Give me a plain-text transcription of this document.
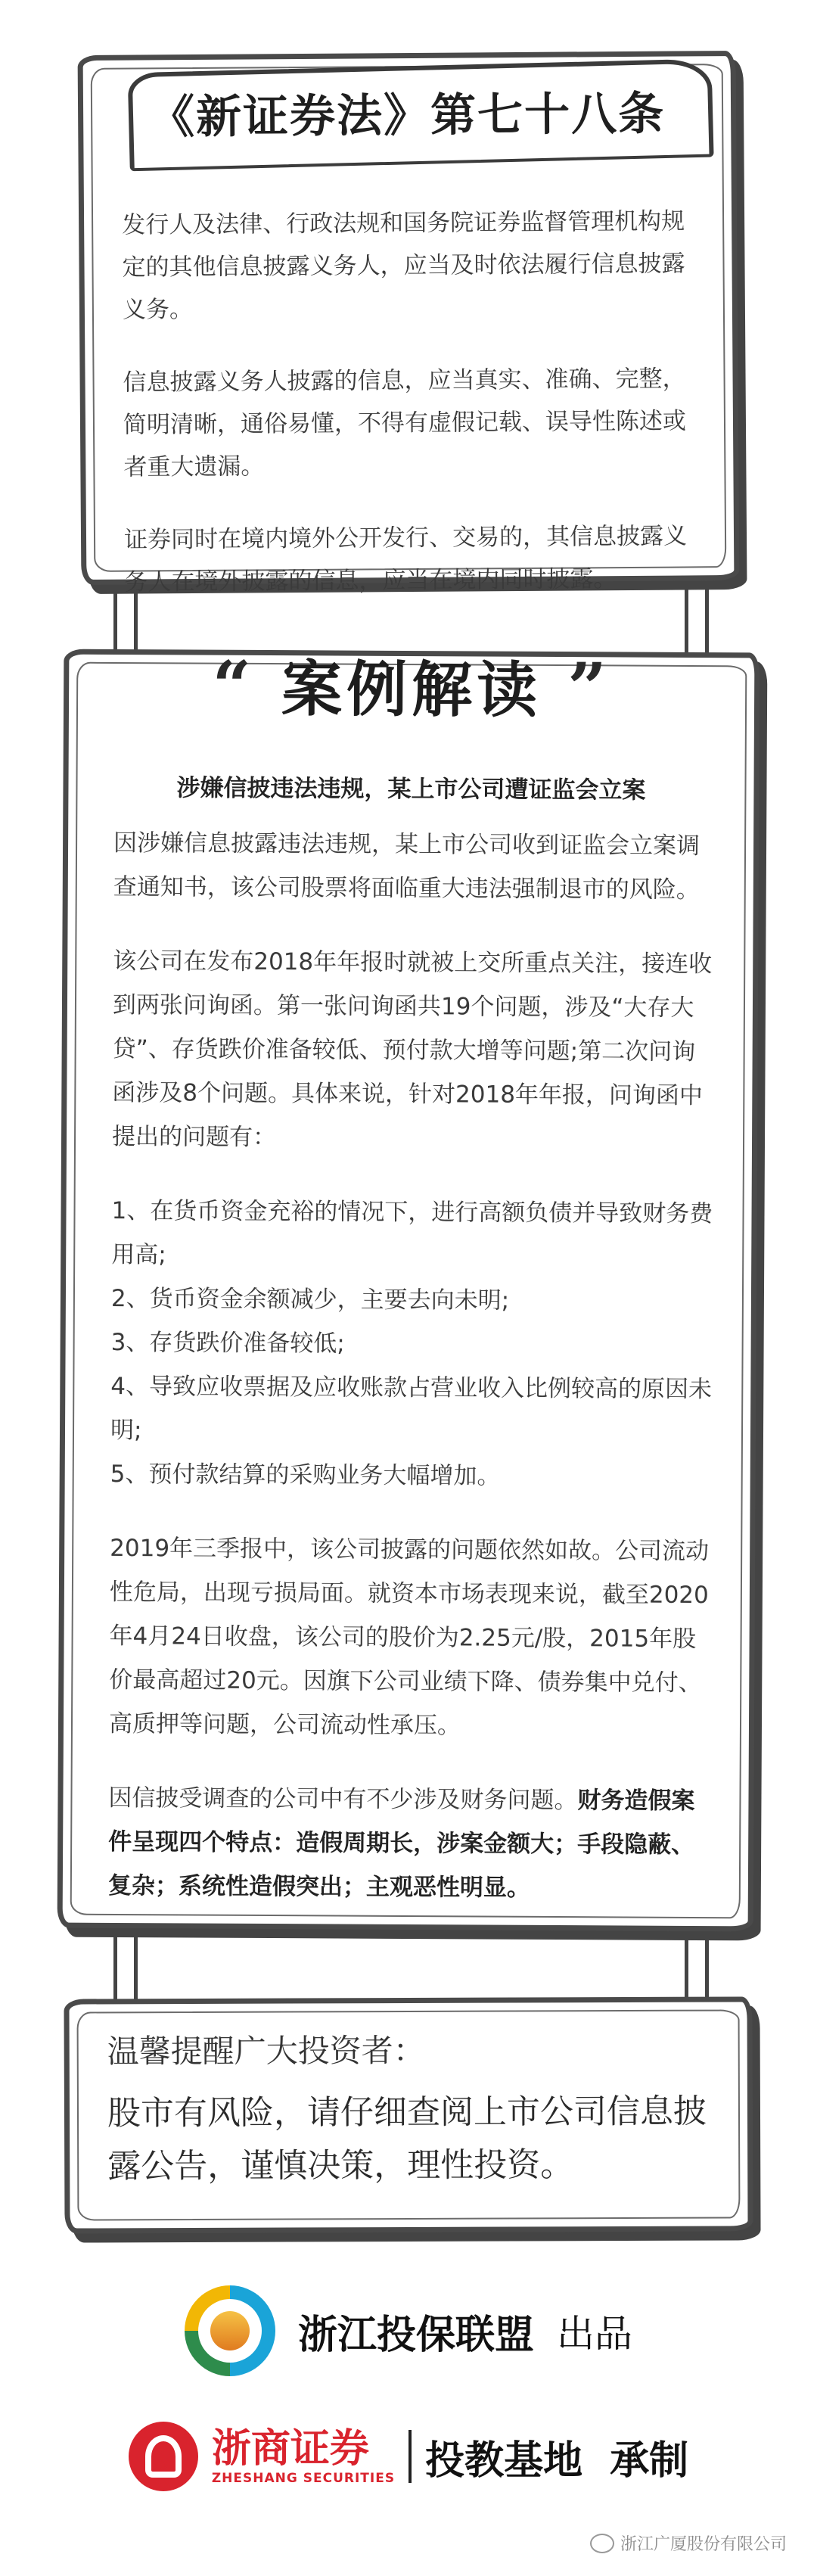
《新证券法》第七十八条

发行人及法律、行政法规和国务院证券监督管理机构规定的其他信息披露义务人，应当及时依法履行信息披露义务。

信息披露义务人披露的信息，应当真实、准确、完整，简明清晰，通俗易懂，不得有虚假记载、误导性陈述或者重大遗漏。

证券同时在境内境外公开发行、交易的，其信息披露义务人在境外披露的信息，应当在境内同时披露。

“ 案例解读 ”
涉嫌信披违法违规，某上市公司遭证监会立案

因涉嫌信息披露违法违规，某上市公司收到证监会立案调查通知书，该公司股票将面临重大违法强制退市的风险。

该公司在发布2018年年报时就被上交所重点关注，接连收到两张问询函。第一张问询函共19个问题，涉及“大存大贷”、存货跌价准备较低、预付款大增等问题;第二次问询函涉及8个问题。具体来说，针对2018年年报，问询函中提出的问题有：

1、在货币资金充裕的情况下，进行高额负债并导致财务费用高;

2、货币资金余额减少，主要去向未明;

3、存货跌价准备较低;

4、导致应收票据及应收账款占营业收入比例较高的原因未明;

5、预付款结算的采购业务大幅增加。

2019年三季报中，该公司披露的问题依然如故。公司流动性危局，出现亏损局面。就资本市场表现来说，截至2020年4月24日收盘，该公司的股价为2.25元/股，2015年股价最高超过20元。因旗下公司业绩下降、债券集中兑付、高质押等问题，公司流动性承压。

因信披受调查的公司中有不少涉及财务问题。财务造假案件呈现四个特点：造假周期长，涉案金额大；手段隐蔽、复杂；系统性造假突出；主观恶性明显。

温馨提醒广大投资者：
股市有风险，请仔细查阅上市公司信息披露公告，谨慎决策，理性投资。
浙江投保联盟 出品
浙商证券
ZHESHANG SECURITIES 投教基地 承制
浙江广厦股份有限公司
